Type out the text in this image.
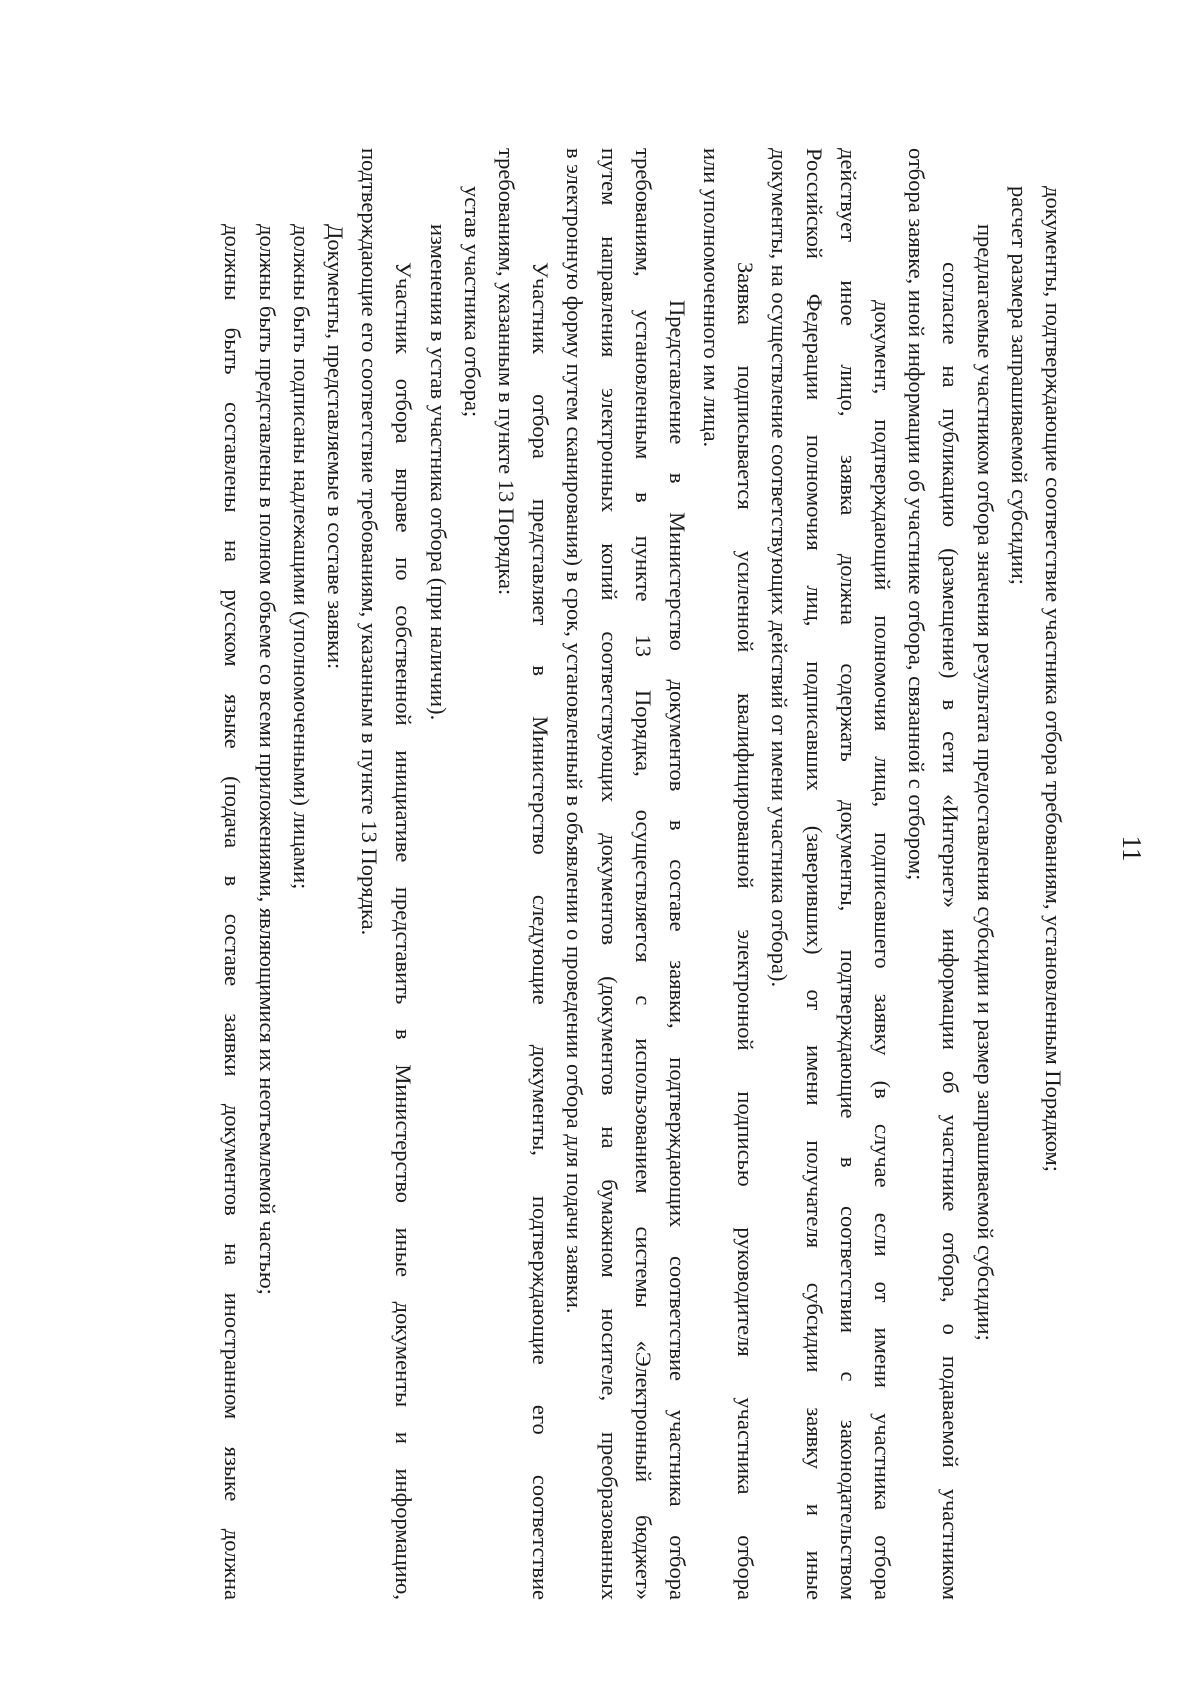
11
документы, подтверждающие соответствие участника отбора требованиям, установленным Порядком;
расчет размера запрашиваемой субсидии;
предлагаемые участником отбора значения результата предоставления субсидии и размер запрашиваемой субсидии;
согласие на публикацию (размещение) в сети «Интернет» информации об участнике отбора, о подаваемой участником
отбора заявке, иной информации об участнике отбора, связанной с отбором;
документ, подтверждающий полномочия лица, подписавшего заявку (в случае если от имени участника отбора
действует иное лицо, заявка должна содержать документы, подтверждающие в соответствии с законодательством
Российской Федерации полномочия лиц, подписавших (заверивших) от имени получателя субсидии заявку и иные
документы, на осуществление соответствующих действий от имени участника отбора).
Заявка подписывается усиленной квалифицированной электронной подписью руководителя участника отбора
или уполномоченного им лица.
Представление в Министерство документов в составе заявки, подтверждающих соответствие участника отбора
требованиям, установленным в пункте 13 Порядка, осуществляется с использованием системы «Электронный бюджет»
путем направления электронных копий соответствующих документов (документов на бумажном носителе, преобразованных
в электронную форму путем сканирования) в срок, установленный в объявлении о проведении отбора для подачи заявки.
Участник отбора представляет в Министерство следующие документы, подтверждающие его соответствие
требованиям, указанным в пункте 13 Порядка:
устав участника отбора;
изменения в устав участника отбора (при наличии).
Участник отбора вправе по собственной инициативе представить в Министерство иные документы и информацию,
подтверждающие его соответствие требованиям, указанным в пункте 13 Порядка.
Документы, представляемые в составе заявки:
должны быть подписаны надлежащими (уполномоченными) лицами;
должны быть представлены в полном объеме со всеми приложениями, являющимися их неотъемлемой частью;
должны быть составлены на русском языке (подача в составе заявки документов на иностранном языке должна
